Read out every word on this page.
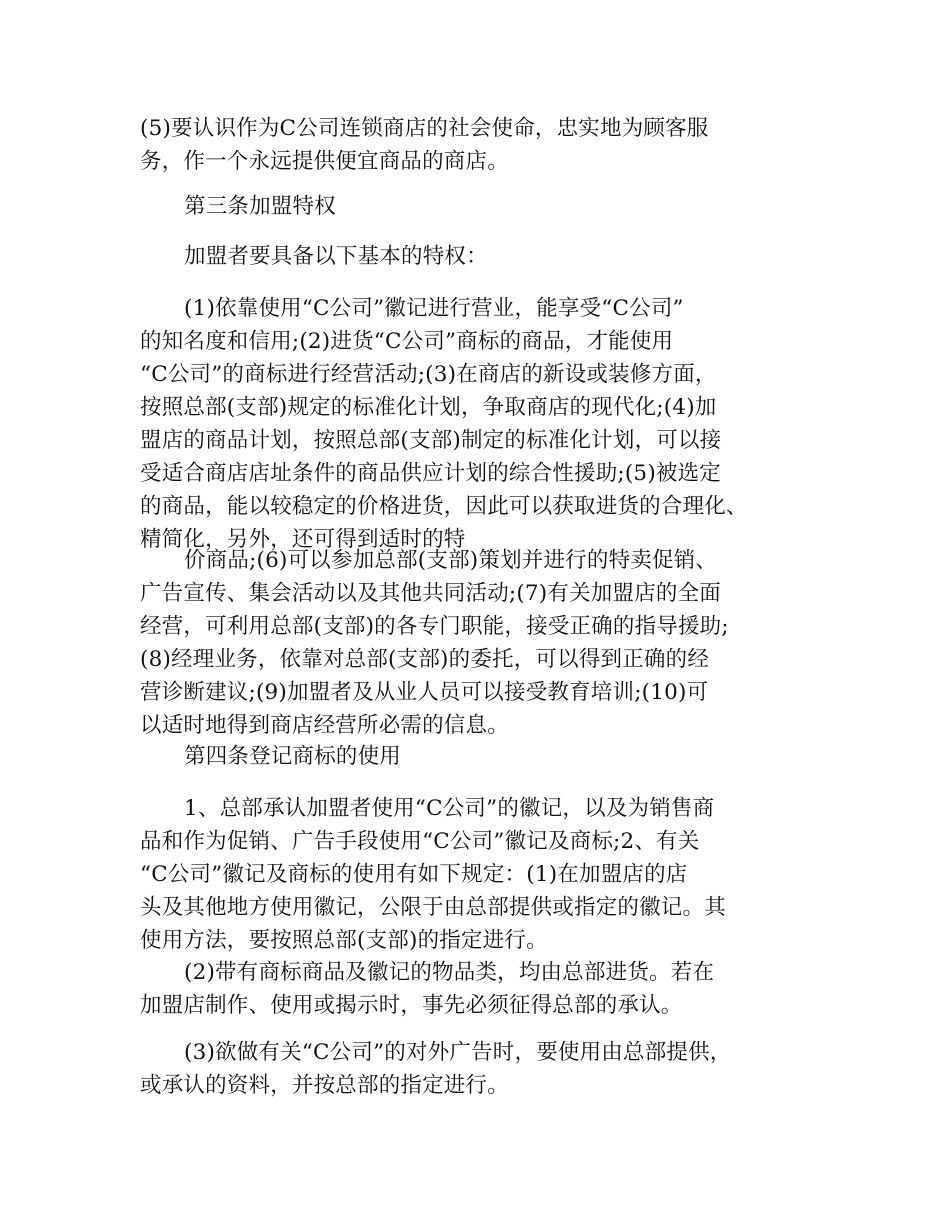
(5)要认识作为C公司连锁商店的社会使命，忠实地为顾客服
务，作一个永远提供便宜商品的商店。
第三条加盟特权
加盟者要具备以下基本的特权：
(1)依靠使用“C公司”徽记进行营业，能享受“C公司”
的知名度和信用;(2)进货“C公司”商标的商品，才能使用
“C公司”的商标进行经营活动;(3)在商店的新设或装修方面，
按照总部(支部)规定的标准化计划，争取商店的现代化;(4)加
盟店的商品计划，按照总部(支部)制定的标准化计划，可以接
受适合商店店址条件的商品供应计划的综合性援助;(5)被选定
的商品，能以较稳定的价格进货，因此可以获取进货的合理化、
精简化，另外，还可得到适时的特
价商品;(6)可以参加总部(支部)策划并进行的特卖促销、
广告宣传、集会活动以及其他共同活动;(7)有关加盟店的全面
经营，可利用总部(支部)的各专门职能，接受正确的指导援助;
(8)经理业务，依靠对总部(支部)的委托，可以得到正确的经
营诊断建议;(9)加盟者及从业人员可以接受教育培训;(10)可
以适时地得到商店经营所必需的信息。
第四条登记商标的使用
1、总部承认加盟者使用“C公司”的徽记，以及为销售商
品和作为促销、广告手段使用“C公司”徽记及商标;2、有关
“C公司”徽记及商标的使用有如下规定：(1)在加盟店的店
头及其他地方使用徽记，公限于由总部提供或指定的徽记。其
使用方法，要按照总部(支部)的指定进行。
(2)带有商标商品及徽记的物品类，均由总部进货。若在
加盟店制作、使用或揭示时，事先必须征得总部的承认。
(3)欲做有关“C公司”的对外广告时，要使用由总部提供，
或承认的资料，并按总部的指定进行。
